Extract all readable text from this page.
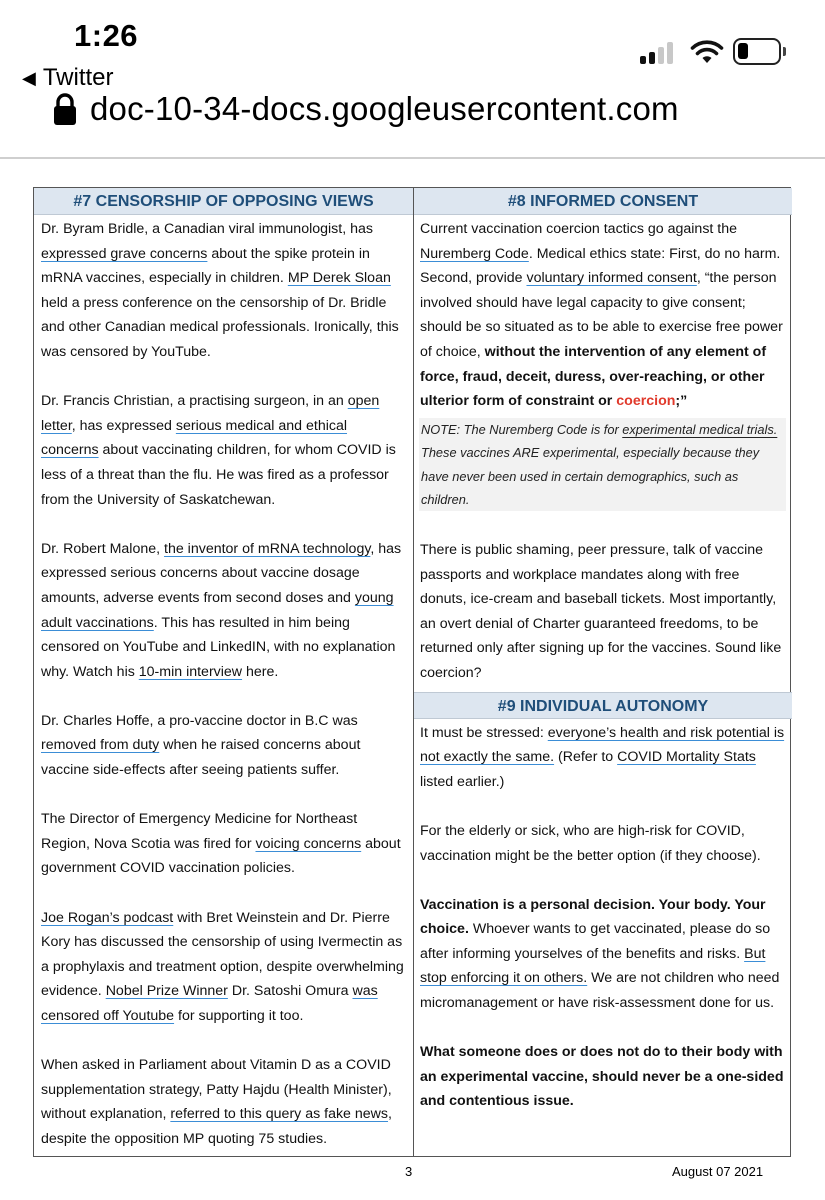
1:26
◀ Twitter
doc-10-34-docs.googleusercontent.com
#7 CENSORSHIP OF OPPOSING VIEWS

Dr. Byram Bridle, a Canadian viral immunologist, has expressed grave concerns about the spike protein in mRNA vaccines, especially in children. MP Derek Sloan held a press conference on the censorship of Dr. Bridle and other Canadian medical professionals. Ironically, this was censored by YouTube.

Dr. Francis Christian, a practising surgeon, in an open letter, has expressed serious medical and ethical concerns about vaccinating children, for whom COVID is less of a threat than the flu. He was fired as a professor from the University of Saskatchewan.

Dr. Robert Malone, the inventor of mRNA technology, has expressed serious concerns about vaccine dosage amounts, adverse events from second doses and young adult vaccinations. This has resulted in him being censored on YouTube and LinkedIN, with no explanation why. Watch his 10-min interview here.

Dr. Charles Hoffe, a pro-vaccine doctor in B.C was removed from duty when he raised concerns about vaccine side-effects after seeing patients suffer.

The Director of Emergency Medicine for Northeast Region, Nova Scotia was fired for voicing concerns about government COVID vaccination policies.

Joe Rogan’s podcast with Bret Weinstein and Dr. Pierre Kory has discussed the censorship of using Ivermectin as a prophylaxis and treatment option, despite overwhelming evidence. Nobel Prize Winner Dr. Satoshi Omura was censored off Youtube for supporting it too.

When asked in Parliament about Vitamin D as a COVID supplementation strategy, Patty Hajdu (Health Minister), without explanation, referred to this query as fake news, despite the opposition MP quoting 75 studies.

#8 INFORMED CONSENT

Current vaccination coercion tactics go against the Nuremberg Code. Medical ethics state: First, do no harm. Second, provide voluntary informed consent, “the person involved should have legal capacity to give consent; should be so situated as to be able to exercise free power of choice, without the intervention of any element of force, fraud, deceit, duress, over-reaching, or other ulterior form of constraint or coercion;”

NOTE: The Nuremberg Code is for experimental medical trials. These vaccines ARE experimental, especially because they have never been used in certain demographics, such as children.

There is public shaming, peer pressure, talk of vaccine passports and workplace mandates along with free donuts, ice-cream and baseball tickets. Most importantly, an overt denial of Charter guaranteed freedoms, to be returned only after signing up for the vaccines. Sound like coercion?

#9 INDIVIDUAL AUTONOMY

It must be stressed: everyone’s health and risk potential is not exactly the same. (Refer to COVID Mortality Stats listed earlier.)

For the elderly or sick, who are high-risk for COVID, vaccination might be the better option (if they choose).

Vaccination is a personal decision. Your body. Your choice. Whoever wants to get vaccinated, please do so after informing yourselves of the benefits and risks. But stop enforcing it on others. We are not children who need micromanagement or have risk-assessment done for us.

What someone does or does not do to their body with an experimental vaccine, should never be a one-sided and contentious issue.

3	August 07 2021
